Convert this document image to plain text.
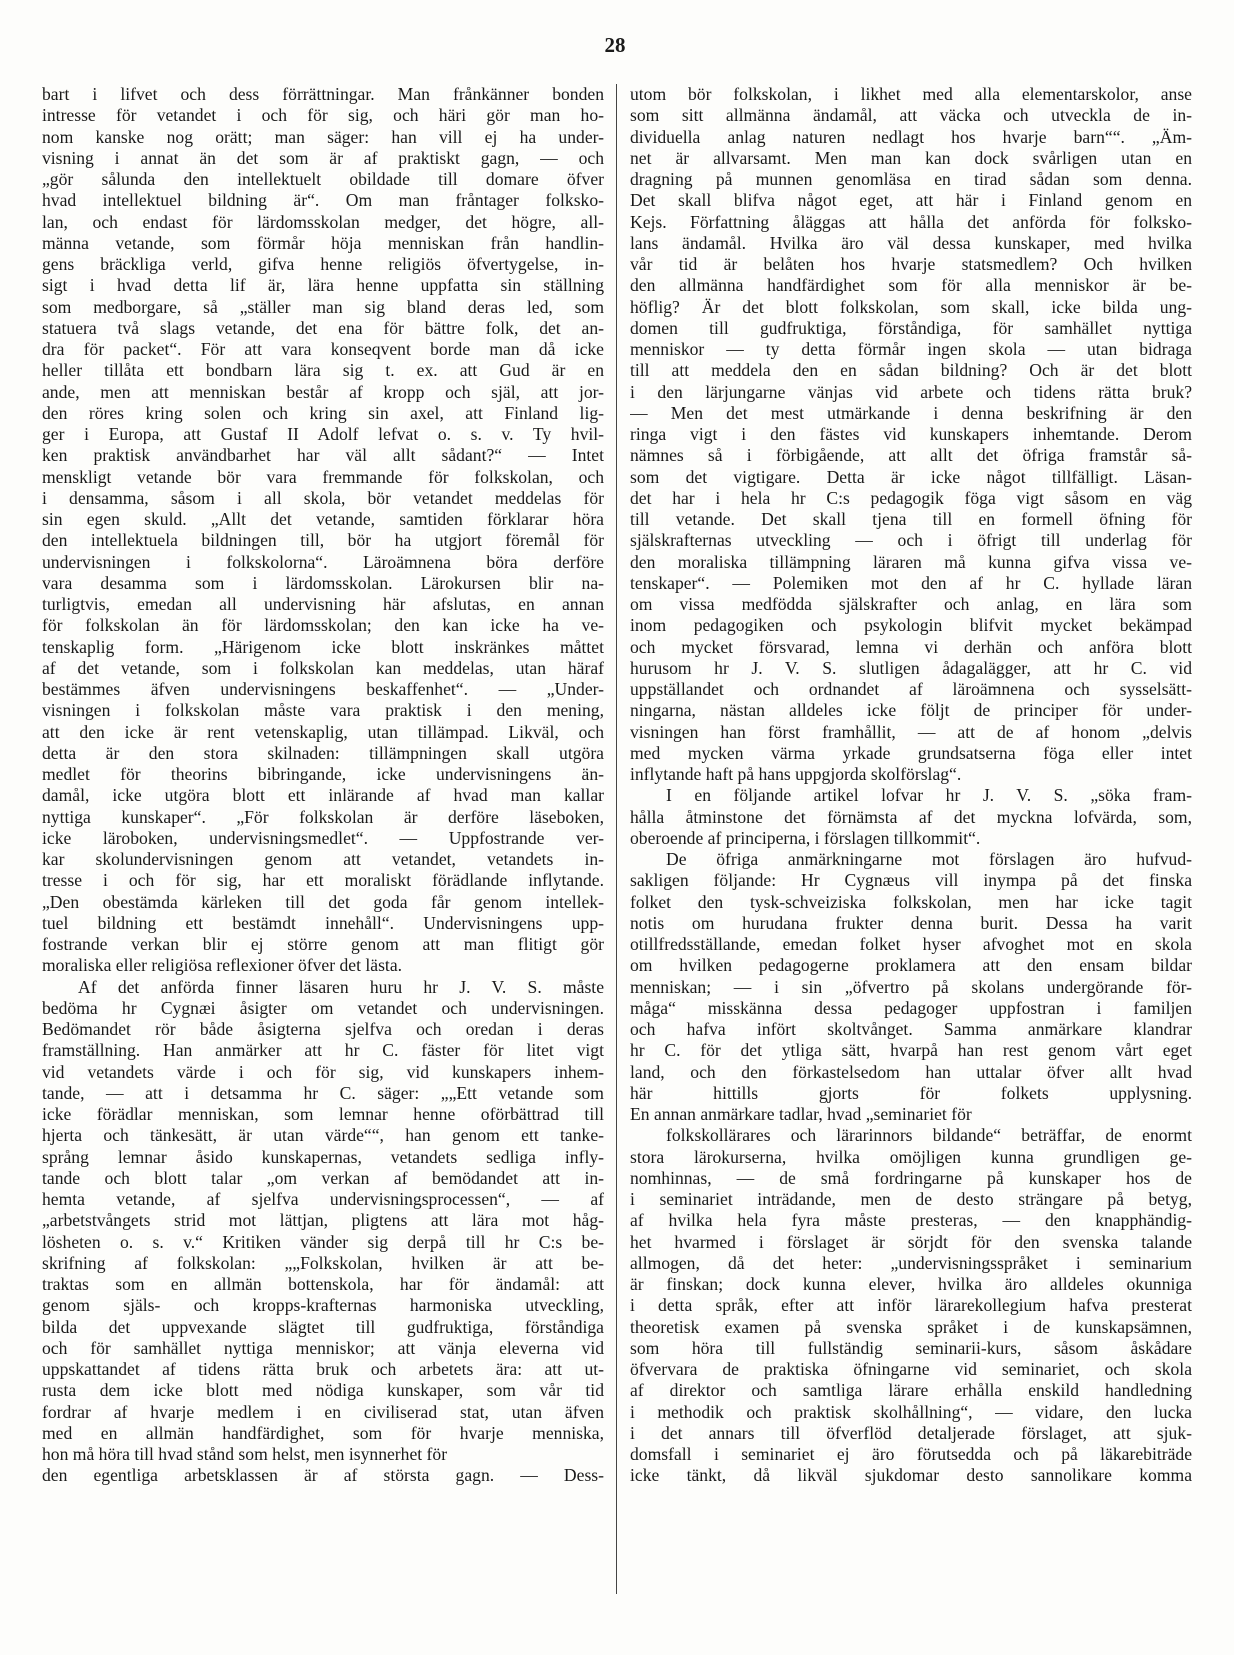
28
bart i lifvet och dess förrättningar. Man frånkänner bonden
intresse för vetandet i och för sig, och häri gör man ho-
nom kanske nog orätt; man säger: han vill ej ha under-
visning i annat än det som är af praktiskt gagn, — och
„gör sålunda den intellektuelt obildade till domare öfver
hvad intellektuel bildning är“. Om man fråntager folksko-
lan, och endast för lärdomsskolan medger, det högre, all-
männa vetande, som förmår höja menniskan från handlin-
gens bräckliga verld, gifva henne religiös öfvertygelse, in-
sigt i hvad detta lif är, lära henne uppfatta sin ställning
som medborgare, så „ställer man sig bland deras led, som
statuera två slags vetande, det ena för bättre folk, det an-
dra för packet“. För att vara konseqvent borde man då icke
heller tillåta ett bondbarn lära sig t. ex. att Gud är en
ande, men att menniskan består af kropp och själ, att jor-
den röres kring solen och kring sin axel, att Finland lig-
ger i Europa, att Gustaf II Adolf lefvat o. s. v. Ty hvil-
ken praktisk användbarhet har väl allt sådant?“ — Intet
menskligt vetande bör vara fremmande för folkskolan, och
i densamma, såsom i all skola, bör vetandet meddelas för
sin egen skuld. „Allt det vetande, samtiden förklarar höra
den intellektuela bildningen till, bör ha utgjort föremål för
undervisningen i folkskolorna“. Läroämnena böra derföre
vara desamma som i lärdomsskolan. Lärokursen blir na-
turligtvis, emedan all undervisning här afslutas, en annan
för folkskolan än för lärdomsskolan; den kan icke ha ve-
tenskaplig form. „Härigenom icke blott inskränkes måttet
af det vetande, som i folkskolan kan meddelas, utan häraf
bestämmes äfven undervisningens beskaffenhet“. — „Under-
visningen i folkskolan måste vara praktisk i den mening,
att den icke är rent vetenskaplig, utan tillämpad. Likväl, och
detta är den stora skilnaden: tillämpningen skall utgöra
medlet för theorins bibringande, icke undervisningens än-
damål, icke utgöra blott ett inlärande af hvad man kallar
nyttiga kunskaper“. „För folkskolan är derföre läseboken,
icke läroboken, undervisningsmedlet“. — Uppfostrande ver-
kar skolundervisningen genom att vetandet, vetandets in-
tresse i och för sig, har ett moraliskt förädlande inflytande.
„Den obestämda kärleken till det goda får genom intellek-
tuel bildning ett bestämdt innehåll“. Undervisningens upp-
fostrande verkan blir ej större genom att man flitigt gör
moraliska eller religiösa reflexioner öfver det lästa.
Af det anförda finner läsaren huru hr J. V. S. måste
bedöma hr Cygnæi åsigter om vetandet och undervisningen.
Bedömandet rör både åsigterna sjelfva och oredan i deras
framställning. Han anmärker att hr C. fäster för litet vigt
vid vetandets värde i och för sig, vid kunskapers inhem-
tande, — att i detsamma hr C. säger: „„Ett vetande som
icke förädlar menniskan, som lemnar henne oförbättrad till
hjerta och tänkesätt, är utan värde““, han genom ett tanke-
språng lemnar åsido kunskapernas, vetandets sedliga infly-
tande och blott talar „om verkan af bemödandet att in-
hemta vetande, af sjelfva undervisningsprocessen“, — af
„arbetstvångets strid mot lättjan, pligtens att lära mot håg-
lösheten o. s. v.“ Kritiken vänder sig derpå till hr C:s be-
skrifning af folkskolan: „„Folkskolan, hvilken är att be-
traktas som en allmän bottenskola, har för ändamål: att
genom själs- och kropps-krafternas harmoniska utveckling,
bilda det uppvexande slägtet till gudfruktiga, förståndiga
och för samhället nyttiga menniskor; att vänja eleverna vid
uppskattandet af tidens rätta bruk och arbetets ära: att ut-
rusta dem icke blott med nödiga kunskaper, som vår tid
fordrar af hvarje medlem i en civiliserad stat, utan äfven
med en allmän handfärdighet, som för hvarje menniska,
hon må höra till hvad stånd som helst, men isynnerhet för
den egentliga arbetsklassen är af största gagn. — Dess-
utom bör folkskolan, i likhet med alla elementarskolor, anse
som sitt allmänna ändamål, att väcka och utveckla de in-
dividuella anlag naturen nedlagt hos hvarje barn““. „Äm-
net är allvarsamt. Men man kan dock svårligen utan en
dragning på munnen genomläsa en tirad sådan som denna.
Det skall blifva något eget, att här i Finland genom en
Kejs. Författning åläggas att hålla det anförda för folksko-
lans ändamål. Hvilka äro väl dessa kunskaper, med hvilka
vår tid är belåten hos hvarje statsmedlem? Och hvilken
den allmänna handfärdighet som för alla menniskor är be-
höflig? Är det blott folkskolan, som skall, icke bilda ung-
domen till gudfruktiga, förståndiga, för samhället nyttiga
menniskor — ty detta förmår ingen skola — utan bidraga
till att meddela den en sådan bildning? Och är det blott
i den lärjungarne vänjas vid arbete och tidens rätta bruk?
— Men det mest utmärkande i denna beskrifning är den
ringa vigt i den fästes vid kunskapers inhemtande. Derom
nämnes så i förbigående, att allt det öfriga framstår så-
som det vigtigare. Detta är icke något tillfälligt. Läsan-
det har i hela hr C:s pedagogik föga vigt såsom en väg
till vetande. Det skall tjena till en formell öfning för
själskrafternas utveckling — och i öfrigt till underlag för
den moraliska tillämpning läraren må kunna gifva vissa ve-
tenskaper“. — Polemiken mot den af hr C. hyllade läran
om vissa medfödda själskrafter och anlag, en lära som
inom pedagogiken och psykologin blifvit mycket bekämpad
och mycket försvarad, lemna vi derhän och anföra blott
hurusom hr J. V. S. slutligen ådagalägger, att hr C. vid
uppställandet och ordnandet af läroämnena och sysselsätt-
ningarna, nästan alldeles icke följt de principer för under-
visningen han först framhållit, — att de af honom „delvis
med mycken värma yrkade grundsatserna föga eller intet
inflytande haft på hans uppgjorda skolförslag“.
I en följande artikel lofvar hr J. V. S. „söka fram-
hålla åtminstone det förnämsta af det myckna lofvärda, som,
oberoende af principerna, i förslagen tillkommit“.
De öfriga anmärkningarne mot förslagen äro hufvud-
sakligen följande: Hr Cygnæus vill inympa på det finska
folket den tysk-schveiziska folkskolan, men har icke tagit
notis om hurudana frukter denna burit. Dessa ha varit
otillfredsställande, emedan folket hyser afvoghet mot en skola
om hvilken pedagogerne proklamera att den ensam bildar
menniskan; — i sin „öfvertro på skolans undergörande för-
måga“ misskänna dessa pedagoger uppfostran i familjen
och hafva infört skoltvånget. Samma anmärkare klandrar
hr C. för det ytliga sätt, hvarpå han rest genom vårt eget
land, och den förkastelsedom han uttalar öfver allt hvad
här hittills gjorts för folkets upplysning.
En annan anmärkare tadlar, hvad „seminariet för
folkskollärares och lärarinnors bildande“ beträffar, de enormt
stora lärokurserna, hvilka omöjligen kunna grundligen ge-
nomhinnas, — de små fordringarne på kunskaper hos de
i seminariet inträdande, men de desto strängare på betyg,
af hvilka hela fyra måste presteras, — den knapphändig-
het hvarmed i förslaget är sörjdt för den svenska talande
allmogen, då det heter: „undervisningsspråket i seminarium
är finskan; dock kunna elever, hvilka äro alldeles okunniga
i detta språk, efter att inför lärarekollegium hafva presterat
theoretisk examen på svenska språket i de kunskapsämnen,
som höra till fullständig seminarii-kurs, såsom åskådare
öfvervara de praktiska öfningarne vid seminariet, och skola
af direktor och samtliga lärare erhålla enskild handledning
i methodik och praktisk skolhållning“, — vidare, den lucka
i det annars till öfverflöd detaljerade förslaget, att sjuk-
domsfall i seminariet ej äro förutsedda och på läkarebiträde
icke tänkt, då likväl sjukdomar desto sannolikare komma
